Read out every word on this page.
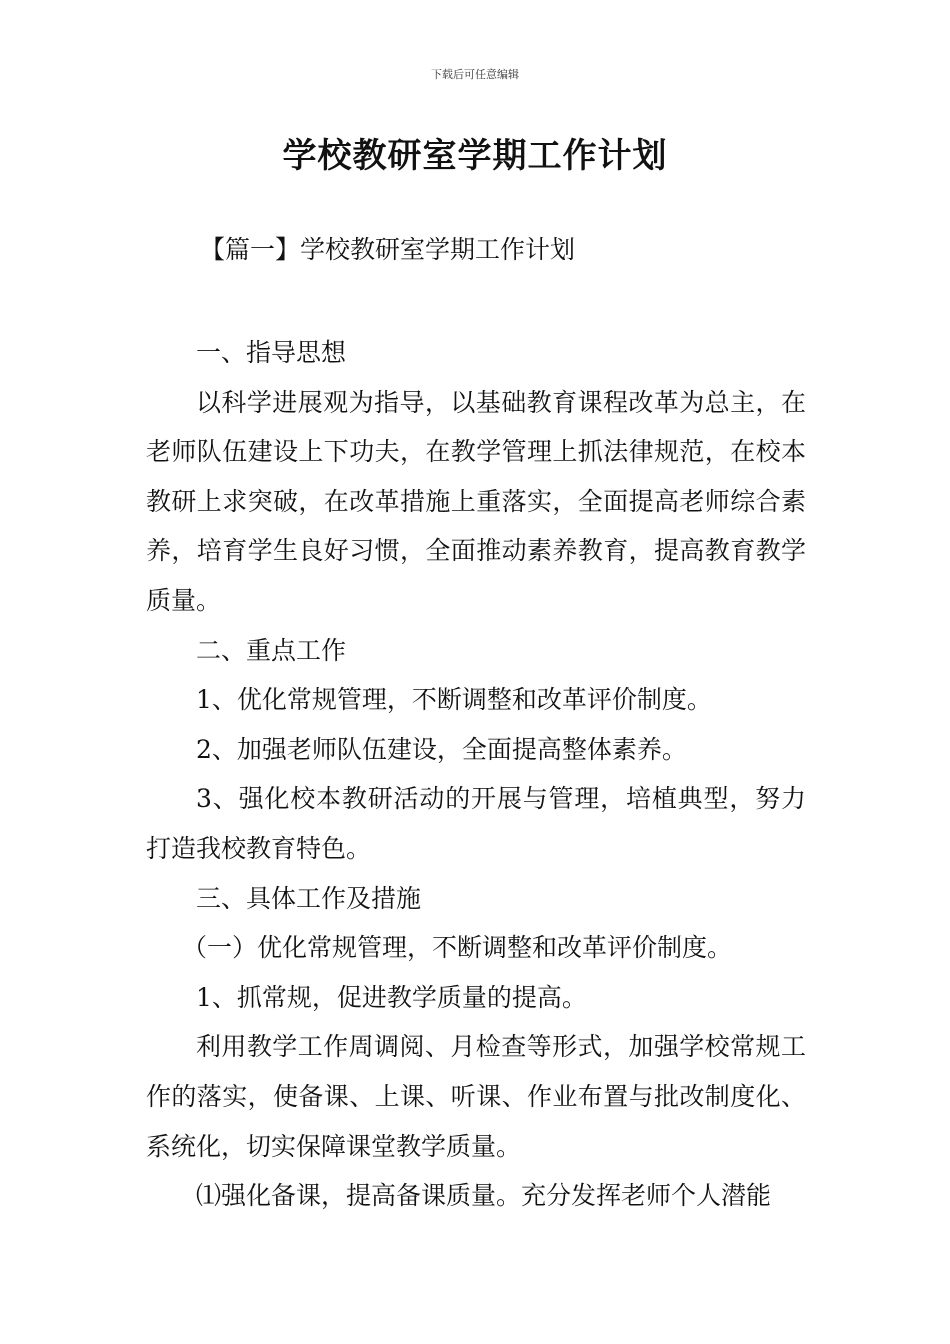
下载后可任意编辑
学校教研室学期工作计划
【篇一】学校教研室学期工作计划

一、指导思想

以科学进展观为指导，以基础教育课程改革为总主，在老师队伍建设上下功夫，在教学管理上抓法律规范，在校本教研上求突破，在改革措施上重落实，全面提高老师综合素养，培育学生良好习惯，全面推动素养教育，提高教育教学质量。

二、重点工作

1、优化常规管理，不断调整和改革评价制度。

2、加强老师队伍建设，全面提高整体素养。

3、强化校本教研活动的开展与管理，培植典型，努力打造我校教育特色。

三、具体工作及措施

（一）优化常规管理，不断调整和改革评价制度。

1、抓常规，促进教学质量的提高。

利用教学工作周调阅、月检查等形式，加强学校常规工作的落实，使备课、上课、听课、作业布置与批改制度化、系统化，切实保障课堂教学质量。

⑴强化备课，提高备课质量。充分发挥老师个人潜能
